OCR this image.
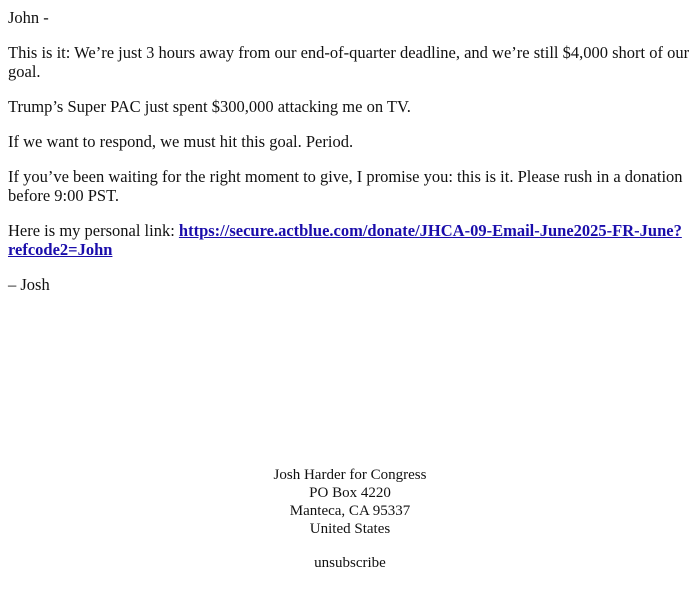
John -

This is it: We’re just 3 hours away from our end-of-quarter deadline, and we’re still $4,000 short of our goal.

Trump’s Super PAC just spent $300,000 attacking me on TV.

If we want to respond, we must hit this goal. Period.

If you’ve been waiting for the right moment to give, I promise you: this is it. Please rush in a donation before 9:00 PST.

Here is my personal link: https://secure.actblue.com/donate/JHCA-09-Email-June2025-FR-June?refcode2=John

– Josh

Josh Harder for Congress
PO Box 4220
Manteca, CA 95337
United States
unsubscribe
